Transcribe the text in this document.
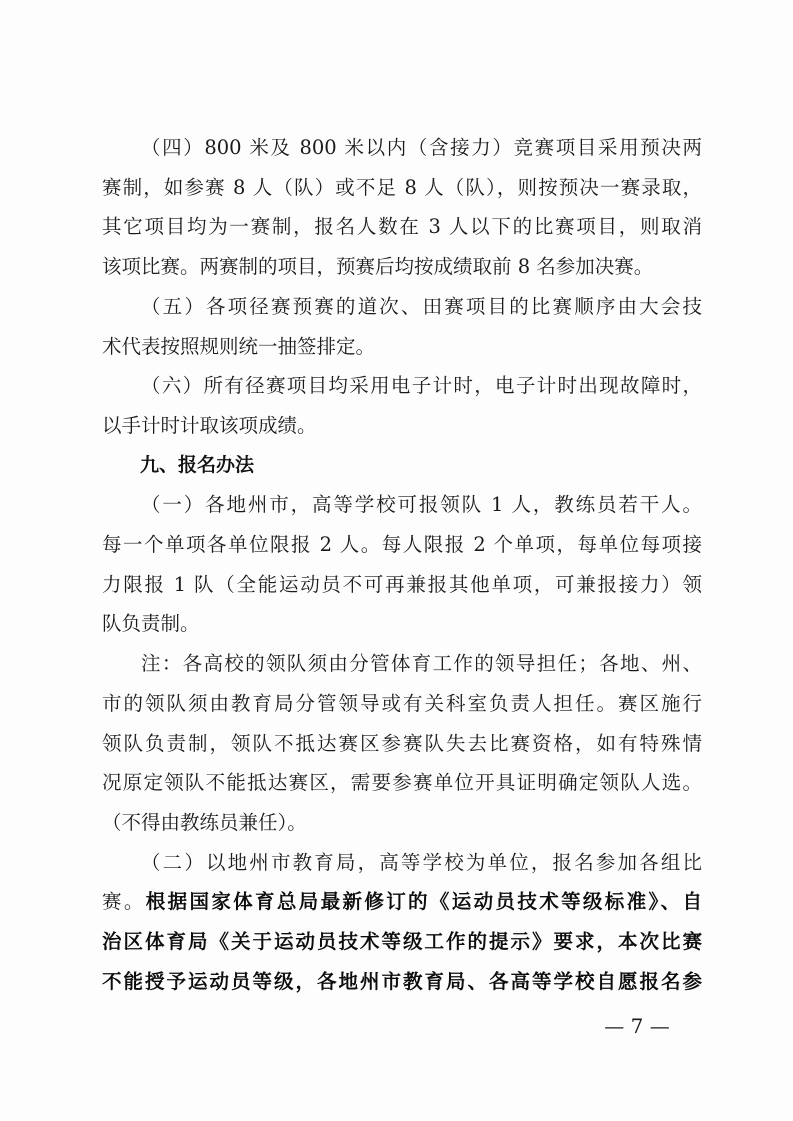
（四）800 米及 800 米以内（含接力）竞赛项目采用预决两
赛制，如参赛 8 人（队）或不足 8 人（队），则按预决一赛录取，
其它项目均为一赛制，报名人数在 3 人以下的比赛项目，则取消
该项比赛。两赛制的项目，预赛后均按成绩取前 8 名参加决赛。

（五）各项径赛预赛的道次、田赛项目的比赛顺序由大会技
术代表按照规则统一抽签排定。

（六）所有径赛项目均采用电子计时，电子计时出现故障时，
以手计时计取该项成绩。

九、报名办法

（一）各地州市，高等学校可报领队 1 人，教练员若干人。
每一个单项各单位限报 2 人。每人限报 2 个单项，每单位每项接
力限报 1 队（全能运动员不可再兼报其他单项，可兼报接力）领
队负责制。

注：各高校的领队须由分管体育工作的领导担任；各地、州、
市的领队须由教育局分管领导或有关科室负责人担任。赛区施行
领队负责制，领队不抵达赛区参赛队失去比赛资格，如有特殊情
况原定领队不能抵达赛区，需要参赛单位开具证明确定领队人选。
（不得由教练员兼任）。

（二）以地州市教育局，高等学校为单位，报名参加各组比
赛。根据国家体育总局最新修订的《运动员技术等级标准》、自
治区体育局《关于运动员技术等级工作的提示》要求，本次比赛
不能授予运动员等级，各地州市教育局、各高等学校自愿报名参

— 7 —
